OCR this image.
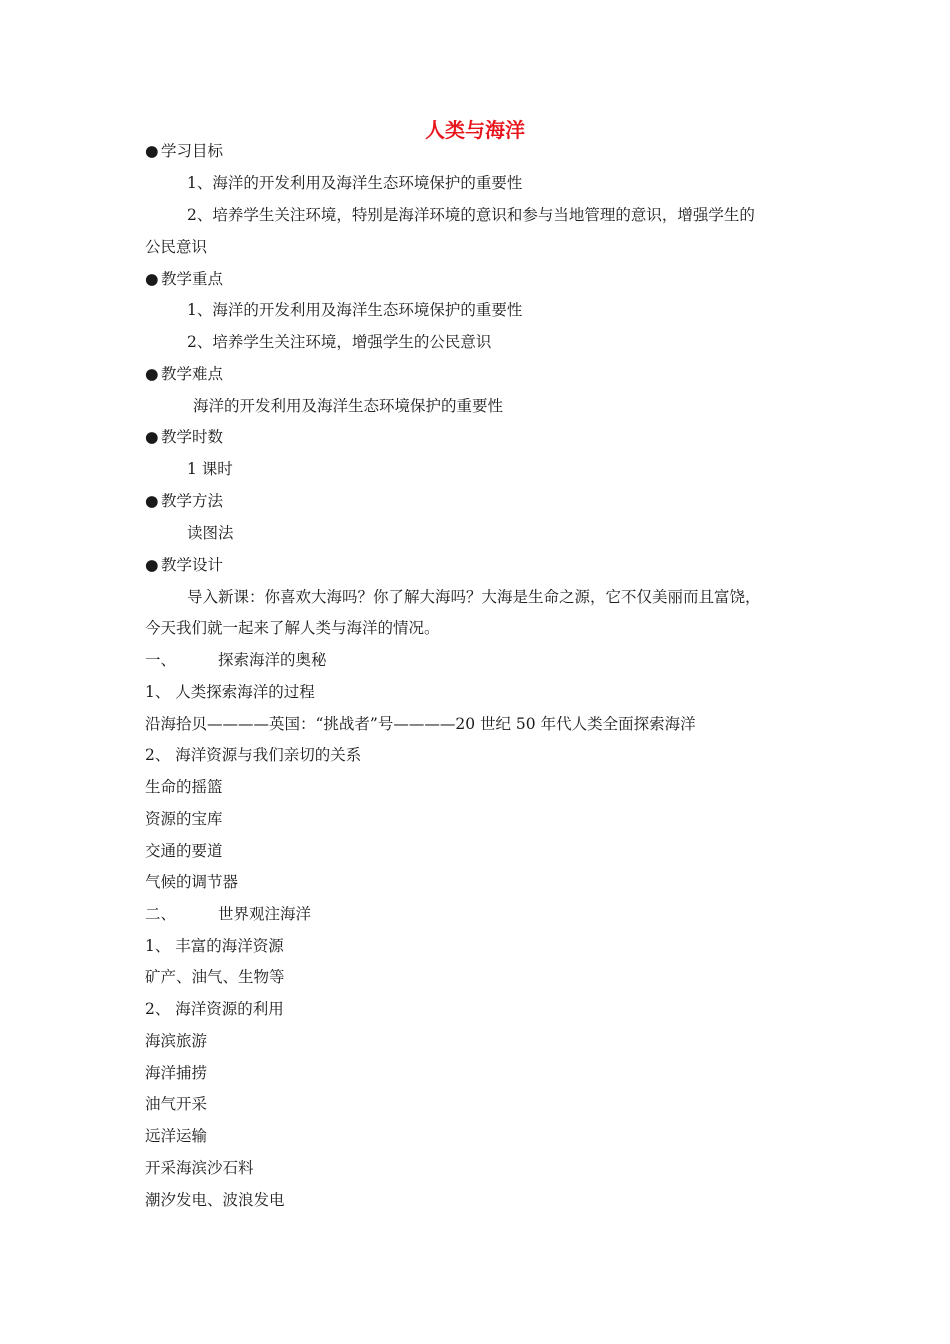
人类与海洋
● 学习目标
1、海洋的开发利用及海洋生态环境保护的重要性
2、培养学生关注环境，特别是海洋环境的意识和参与当地管理的意识，增强学生的
公民意识
● 教学重点
1、海洋的开发利用及海洋生态环境保护的重要性
2、培养学生关注环境，增强学生的公民意识
● 教学难点
海洋的开发利用及海洋生态环境保护的重要性
● 教学时数
1 课时
● 教学方法
读图法
● 教学设计
导入新课：你喜欢大海吗？你了解大海吗？大海是生命之源，它不仅美丽而且富饶，
今天我们就一起来了解人类与海洋的情况。
一、	探索海洋的奥秘
1、 人类探索海洋的过程
沿海拾贝————英国：“挑战者”号————20 世纪 50 年代人类全面探索海洋
2、 海洋资源与我们亲切的关系
生命的摇篮
资源的宝库
交通的要道
气候的调节器
二、	世界观注海洋
1、 丰富的海洋资源
矿产、油气、生物等
2、 海洋资源的利用
海滨旅游
海洋捕捞
油气开采
远洋运输
开采海滨沙石料
潮汐发电、波浪发电
